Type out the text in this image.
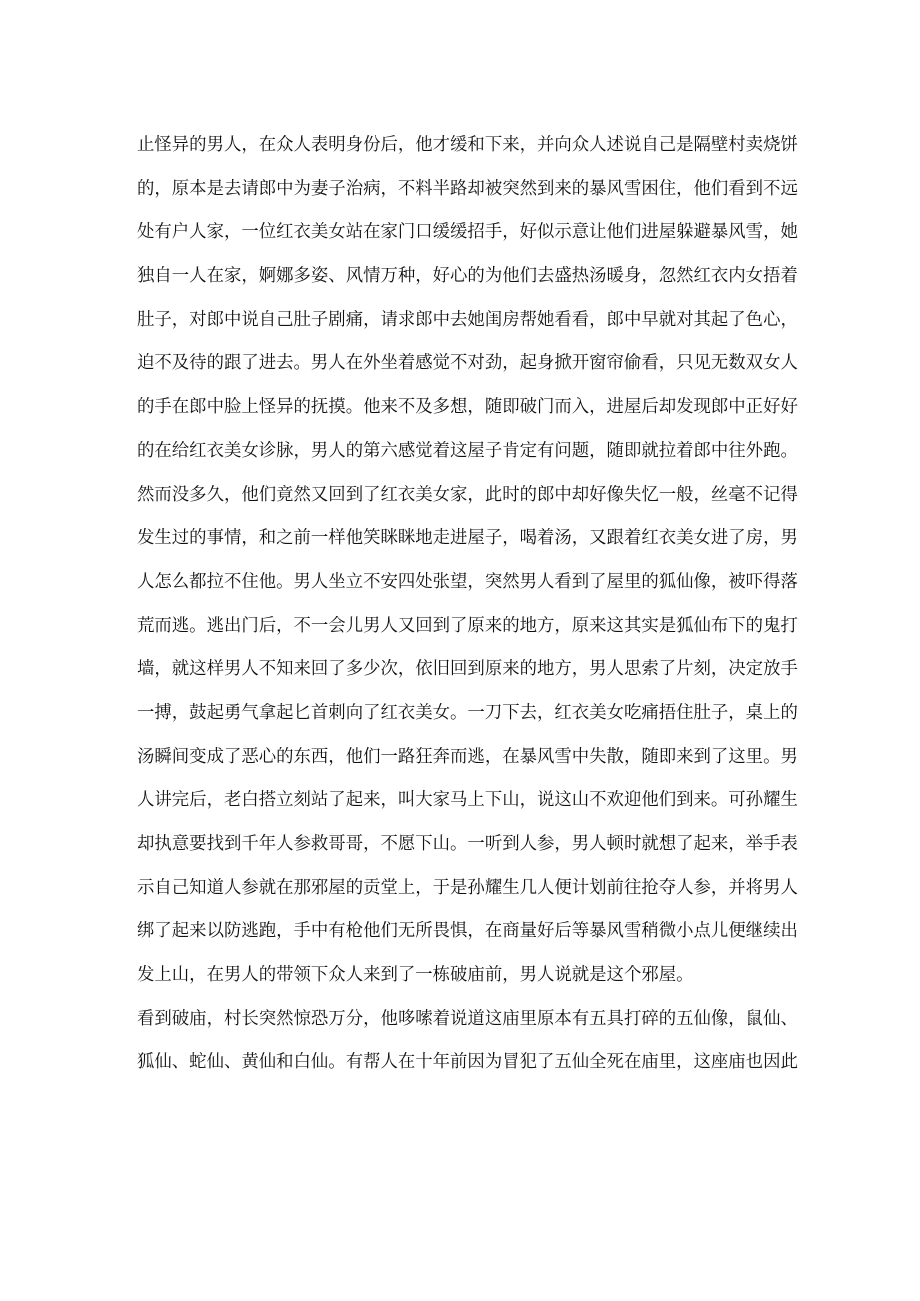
止怪异的男人，在众人表明身份后，他才缓和下来，并向众人述说自己是隔壁村卖烧饼
的，原本是去请郎中为妻子治病，不料半路却被突然到来的暴风雪困住，他们看到不远
处有户人家，一位红衣美女站在家门口缓缓招手，好似示意让他们进屋躲避暴风雪，她
独自一人在家，婀娜多姿、风情万种，好心的为他们去盛热汤暖身，忽然红衣内女捂着
肚子，对郎中说自己肚子剧痛，请求郎中去她闺房帮她看看，郎中早就对其起了色心，
迫不及待的跟了进去。男人在外坐着感觉不对劲，起身掀开窗帘偷看，只见无数双女人
的手在郎中脸上怪异的抚摸。他来不及多想，随即破门而入，进屋后却发现郎中正好好
的在给红衣美女诊脉，男人的第六感觉着这屋子肯定有问题，随即就拉着郎中往外跑。
然而没多久，他们竟然又回到了红衣美女家，此时的郎中却好像失忆一般，丝毫不记得
发生过的事情，和之前一样他笑眯眯地走进屋子，喝着汤，又跟着红衣美女进了房，男
人怎么都拉不住他。男人坐立不安四处张望，突然男人看到了屋里的狐仙像，被吓得落
荒而逃。逃出门后，不一会儿男人又回到了原来的地方，原来这其实是狐仙布下的鬼打
墙，就这样男人不知来回了多少次，依旧回到原来的地方，男人思索了片刻，决定放手
一搏，鼓起勇气拿起匕首刺向了红衣美女。一刀下去，红衣美女吃痛捂住肚子，桌上的
汤瞬间变成了恶心的东西，他们一路狂奔而逃，在暴风雪中失散，随即来到了这里。男
人讲完后，老白搭立刻站了起来，叫大家马上下山，说这山不欢迎他们到来。可孙耀生
却执意要找到千年人参救哥哥，不愿下山。一听到人参，男人顿时就想了起来，举手表
示自己知道人参就在那邪屋的贡堂上，于是孙耀生几人便计划前往抢夺人参，并将男人
绑了起来以防逃跑，手中有枪他们无所畏惧，在商量好后等暴风雪稍微小点儿便继续出
发上山，在男人的带领下众人来到了一栋破庙前，男人说就是这个邪屋。
看到破庙，村长突然惊恐万分，他哆嗦着说道这庙里原本有五具打碎的五仙像，鼠仙、
狐仙、蛇仙、黄仙和白仙。有帮人在十年前因为冒犯了五仙全死在庙里，这座庙也因此
